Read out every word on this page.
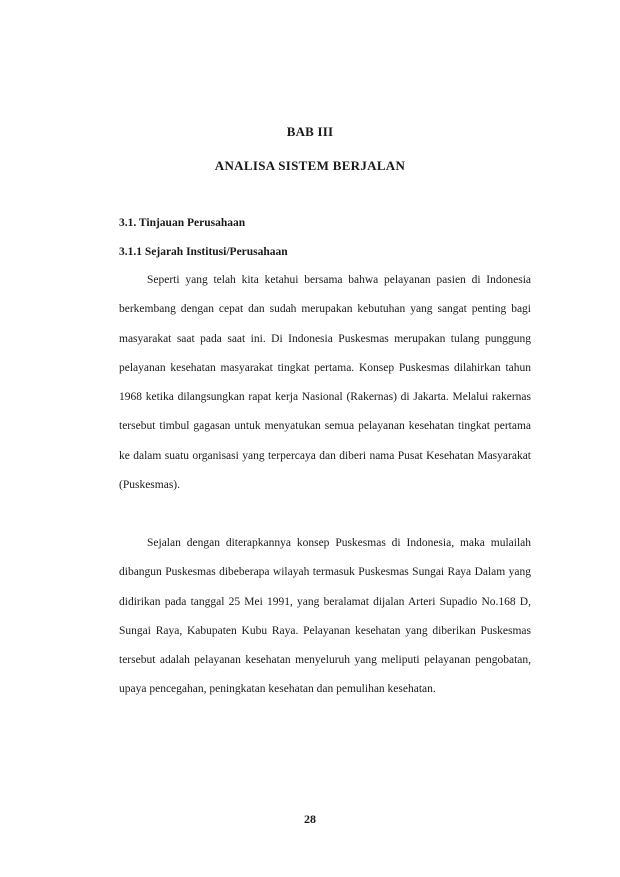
BAB III
ANALISA SISTEM BERJALAN
3.1. Tinjauan Perusahaan
3.1.1 Sejarah Institusi/Perusahaan

Seperti yang telah kita ketahui bersama bahwa pelayanan pasien di Indonesia berkembang dengan cepat dan sudah merupakan kebutuhan yang sangat penting bagi masyarakat saat pada saat ini. Di Indonesia Puskesmas merupakan tulang punggung pelayanan kesehatan masyarakat tingkat pertama. Konsep Puskesmas dilahirkan tahun 1968 ketika dilangsungkan rapat kerja Nasional (Rakernas) di Jakarta. Melalui rakernas tersebut timbul gagasan untuk menyatukan semua pelayanan kesehatan tingkat pertama ke dalam suatu organisasi yang terpercaya dan diberi nama Pusat Kesehatan Masyarakat (Puskesmas).

Sejalan dengan diterapkannya konsep Puskesmas di Indonesia, maka mulailah dibangun Puskesmas dibeberapa wilayah termasuk Puskesmas Sungai Raya Dalam yang didirikan pada tanggal 25 Mei 1991, yang beralamat dijalan Arteri Supadio No.168 D, Sungai Raya, Kabupaten Kubu Raya. Pelayanan kesehatan yang diberikan Puskesmas tersebut adalah pelayanan kesehatan menyeluruh yang meliputi pelayanan pengobatan, upaya pencegahan, peningkatan kesehatan dan pemulihan kesehatan.

28
